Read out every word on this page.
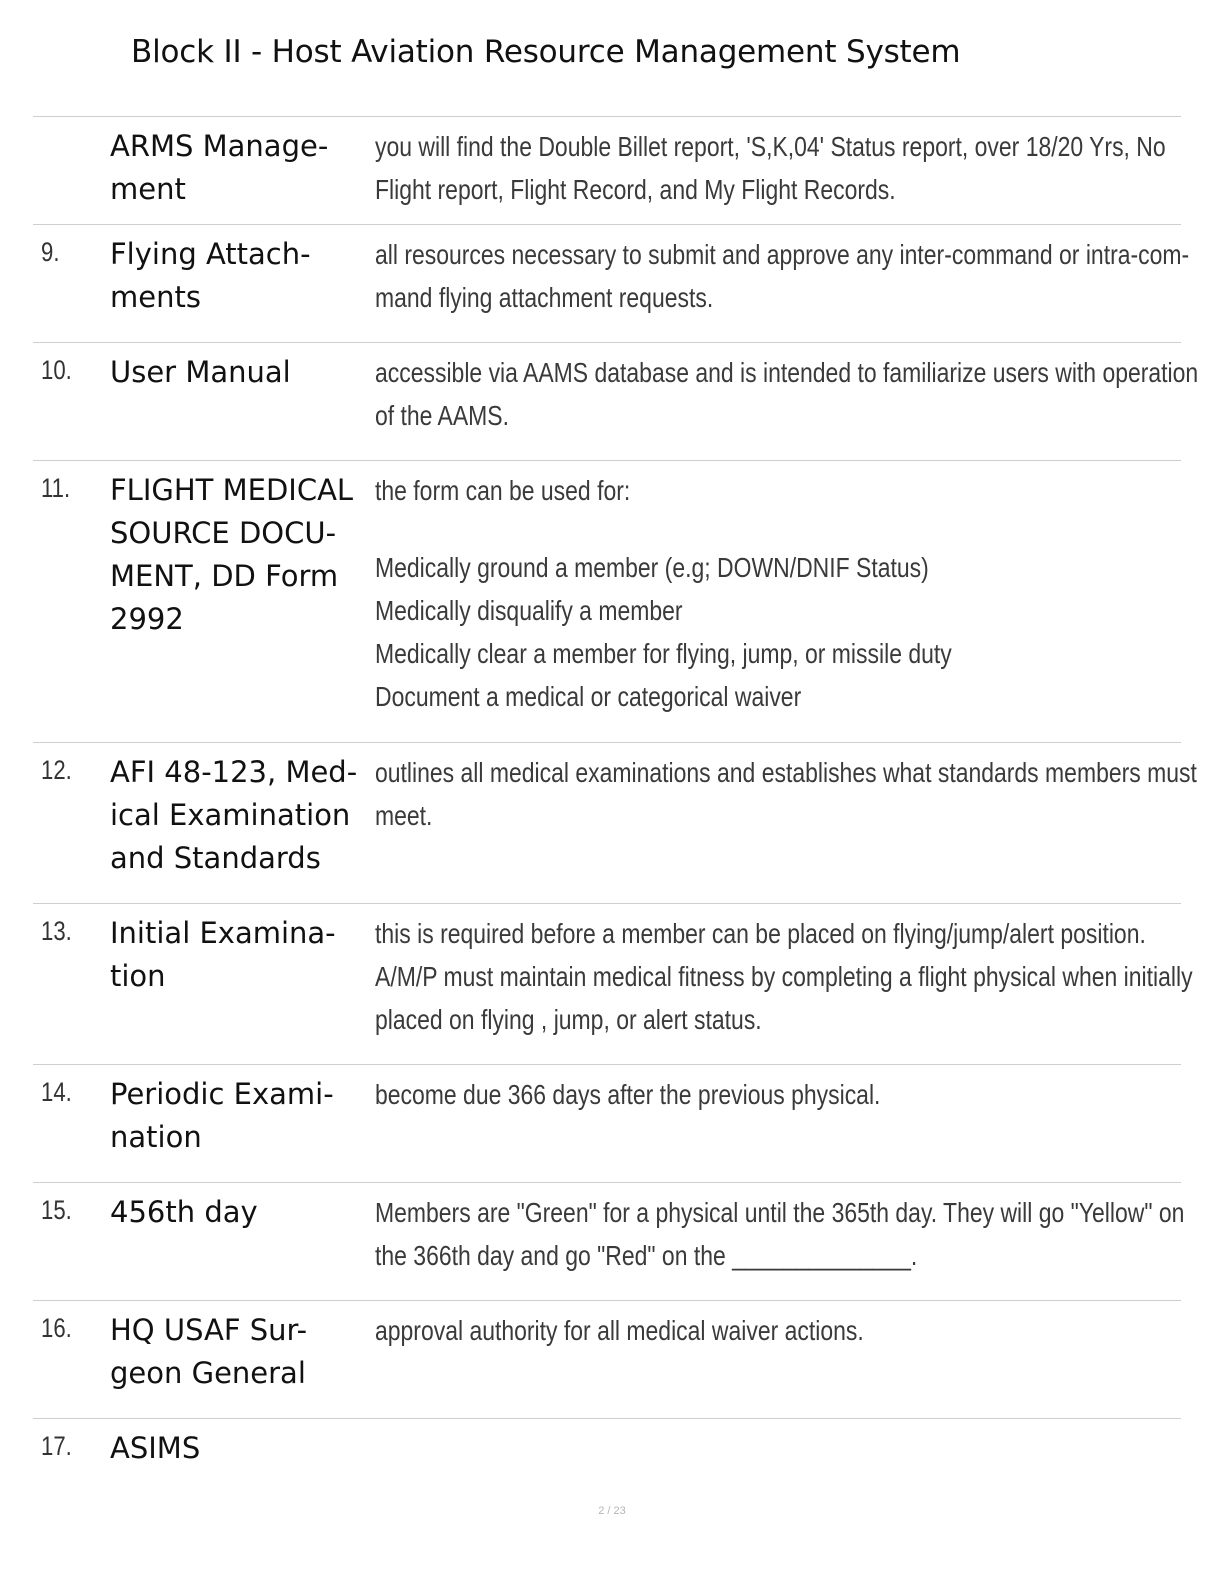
Block II - Host Aviation Resource Management System
ARMS Manage-
ment
you will find the Double Billet report, 'S,K,04' Status report, over 18/20 Yrs, No
Flight report, Flight Record, and My Flight Records.
9. Flying Attach-
ments
all resources necessary to submit and approve any inter-command or intra-com-
mand flying attachment requests.
10. User Manual	accessible via AAMS database and is intended to familiarize users with operation
of the AAMS.
11. FLIGHT MEDICAL
SOURCE DOCU-
MENT, DD Form
2992
the form can be used for:
Medically ground a member (e.g; DOWN/DNIF Status)
Medically disqualify a member
Medically clear a member for flying, jump, or missile duty
Document a medical or categorical waiver
12. AFI 48-123, Med-
ical Examination
and Standards
outlines all medical examinations and establishes what standards members must
meet.
13. Initial Examina-
tion
this is required before a member can be placed on flying/jump/alert position.
A/M/P must maintain medical fitness by completing a flight physical when initially
placed on flying , jump, or alert status.
14. Periodic Exami-
nation
become due 366 days after the previous physical.
15. 456th day	Members are "Green" for a physical until the 365th day. They will go "Yellow" on
the 366th day and go "Red" on the ______________.
16. HQ USAF Sur-
geon General
approval authority for all medical waiver actions.
17. ASIMS
2 / 23
